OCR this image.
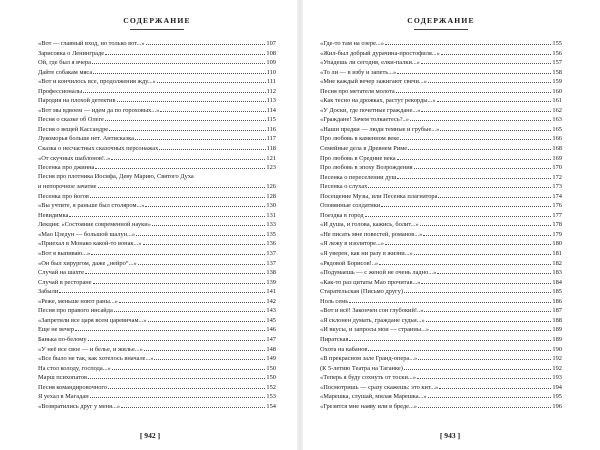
СОДЕРЖАНИЕ
«Вот — главный вход, но только вот...»	107
Зарисовка о Ленинграде	108
Ой, где был я вчера	109
Дайте собакам мяса	110
«Вот и кончилось все, продолжения жду...»	111
Профессионалы	112
Пародия на плохой детектив	113
«Вот мы вдвоем — идем да по гороховых...»	114
Песня о сказке об Олеге	115
Песня о вещей Кассандре	116
Лукоморья больше нет. Антисказка	117
Сказка о несчастных сказочных персонажах	118
«От скучных шаблонов!..»	121
Песенка про джинна	123
Песня про плотника Иосифа, Деву Марию, Святого Духа
и непорочное зачатие	126
Песенка про йогов	128
«Вы учтите, я раньше был столяром...»	130
Невидимка	131
Лекция: «Состояние современной науки»	133
«Мао Цзедун — большой шалун...»	135
«Приехал в Монако какой-то вонак...»	136
«Вот я выпиваю...»	137
«Он был хирургом, даже „нейро“...»	137
Случай на шахте	138
Случай в ресторане	139
Забыли	141
«Реже, меньше ноют раны...»	142
Песня про правого инсайда	143
«Запретили все царя всем царевичам...»	145
Еще не вечер	146
Банька по-белому	147
«У неё все свое — и белье, и жилье...»	148
«Все было не так, как хотелось вначале...»	149
На стол колоду, господа...»	150
Марш психопатов	150
Песня командировочного	152
Я уехал в Магадан	153
«Возвратились друг у меня...»	154
[ 942 ]
СОДЕРЖАНИЕ
«Где-то там на озере...»	155
«Жил-был добрый дурачина-простофиля...»	156
«Упадешь ли сегодня, елки-палки...»	157
«То ли — в избу и запеть...»	158
«Мне каждый вечер зажигают свечи...»	159
Песня про метателя молота	160
«Как тесно на дрожках, растут рекорды...»	161
«У Доски, где почетные граждане...»	162
«Граждане! Зачем толкаетесь?..»	163
«Наши предки — люди темные и грубые...»	165
Про любовь в каменном веке	166
Семейные дела в Древнем Риме	168
Про любовь в Средние века	169
Про любовь в эпоху Возрождения	170
Песенка о переселении душ	172
Песенка о слухах	173
Посещение Музы, или Песенка плагиатора	174
Оловянные солдатики	176
Поездка в город	177
«И душа, и голова, кажись, болит...»	178
«Не писать мне повестей, романов...»	179
«Я лежу в изоляторе...»	180
«Я уверен, как ни разу в жизни...»	181
«Рядовой Борисов!..»	182
«Подумаешь — с женой не очень ладно...»	183
«Как-то раз цитаты Мао прочитав...»	184
Старательская (Письмо другу)	185
Ноль семь	186
«Вот и всё! Закончен сон глубокий!..»	187
«Я склонен думать, граждане судьи...»	188
«И вкусы, и запросы мои — странны...»	189
Пиратская	189
Охота на кабанов	190
«В прекрасном зале Гранд-опера...»	192
(К 5-летию Театра на Таганке)	192
«Теперь я буду сохнуть от тоски...»	193
«Посмотришь — сразу скажешь: это кит...»	194
«Марешка, слушай, милая Марешка...»	195
«Грезится мне наяву или в бреде...»	196
[ 943 ]
